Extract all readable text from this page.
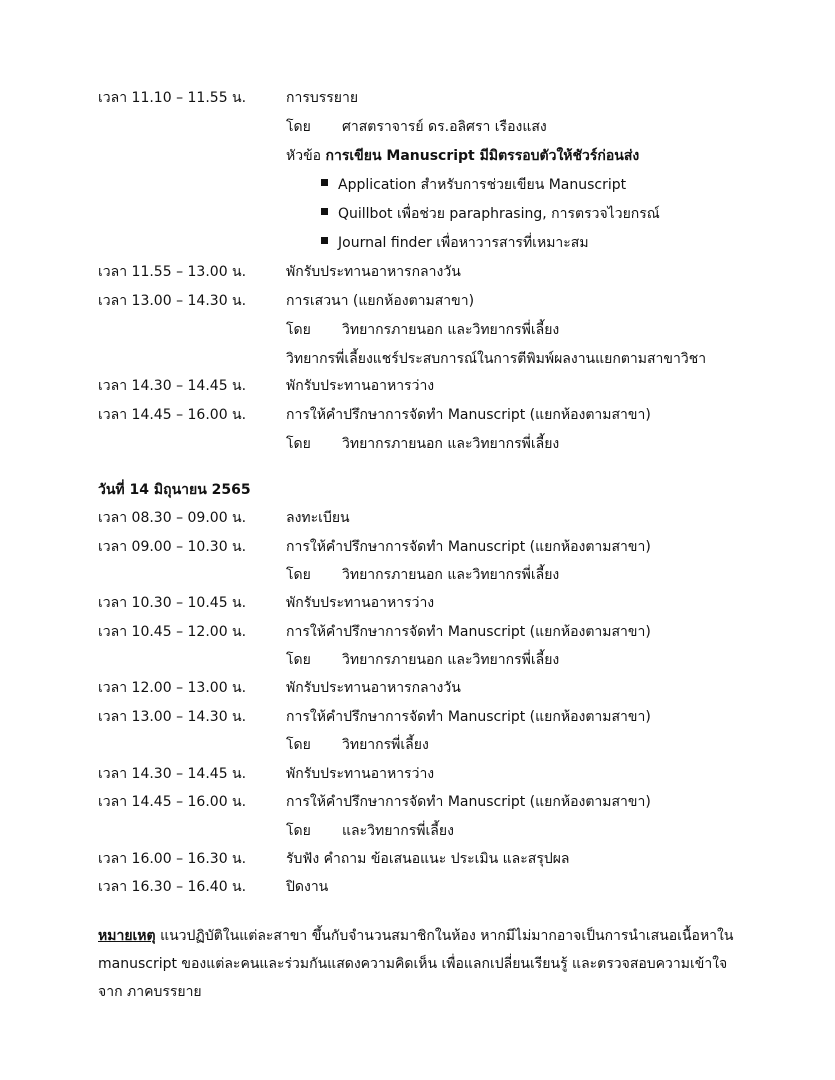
เวลา 11.10 – 11.55 น.	การบรรยาย
โดย ศาสตราจารย์ ดร.อลิศรา เรืองแสง
หัวข้อ การเขียน Manuscript มีมิตรรอบตัวให้ชัวร์ก่อนส่ง
Application สำหรับการช่วยเขียน Manuscript
Quillbot เพื่อช่วย paraphrasing, การตรวจไวยกรณ์
Journal finder เพื่อหาวารสารที่เหมาะสม
เวลา 11.55 – 13.00 น.	พักรับประทานอาหารกลางวัน
เวลา 13.00 – 14.30 น.	การเสวนา (แยกห้องตามสาขา)
โดย วิทยากรภายนอก และวิทยากรพี่เลี้ยง
วิทยากรพี่เลี้ยงแชร์ประสบการณ์ในการตีพิมพ์ผลงานแยกตามสาขาวิชา
เวลา 14.30 – 14.45 น.	พักรับประทานอาหารว่าง
เวลา 14.45 – 16.00 น.	การให้คำปรึกษาการจัดทำ Manuscript (แยกห้องตามสาขา)
โดย วิทยากรภายนอก และวิทยากรพี่เลี้ยง
วันที่ 14 มิถุนายน 2565
เวลา 08.30 – 09.00 น.	ลงทะเบียน
เวลา 09.00 – 10.30 น.	การให้คำปรึกษาการจัดทำ Manuscript (แยกห้องตามสาขา)
โดย วิทยากรภายนอก และวิทยากรพี่เลี้ยง
เวลา 10.30 – 10.45 น.	พักรับประทานอาหารว่าง
เวลา 10.45 – 12.00 น.	การให้คำปรึกษาการจัดทำ Manuscript (แยกห้องตามสาขา)
โดย วิทยากรภายนอก และวิทยากรพี่เลี้ยง
เวลา 12.00 – 13.00 น.	พักรับประทานอาหารกลางวัน
เวลา 13.00 – 14.30 น.	การให้คำปรึกษาการจัดทำ Manuscript (แยกห้องตามสาขา)
โดย วิทยากรพี่เลี้ยง
เวลา 14.30 – 14.45 น.	พักรับประทานอาหารว่าง
เวลา 14.45 – 16.00 น.	การให้คำปรึกษาการจัดทำ Manuscript (แยกห้องตามสาขา)
โดย และวิทยากรพี่เลี้ยง
เวลา 16.00 – 16.30 น.	รับฟัง คำถาม ข้อเสนอแนะ ประเมิน และสรุปผล
เวลา 16.30 – 16.40 น.	ปิดงาน
หมายเหตุ แนวปฏิบัติในแต่ละสาขา ขึ้นกับจำนวนสมาชิกในห้อง หากมีไม่มากอาจเป็นการนำเสนอเนื้อหาใน manuscript ของแต่ละคนและร่วมกันแสดงความคิดเห็น เพื่อแลกเปลี่ยนเรียนรู้ และตรวจสอบความเข้าใจจาก ภาคบรรยาย
